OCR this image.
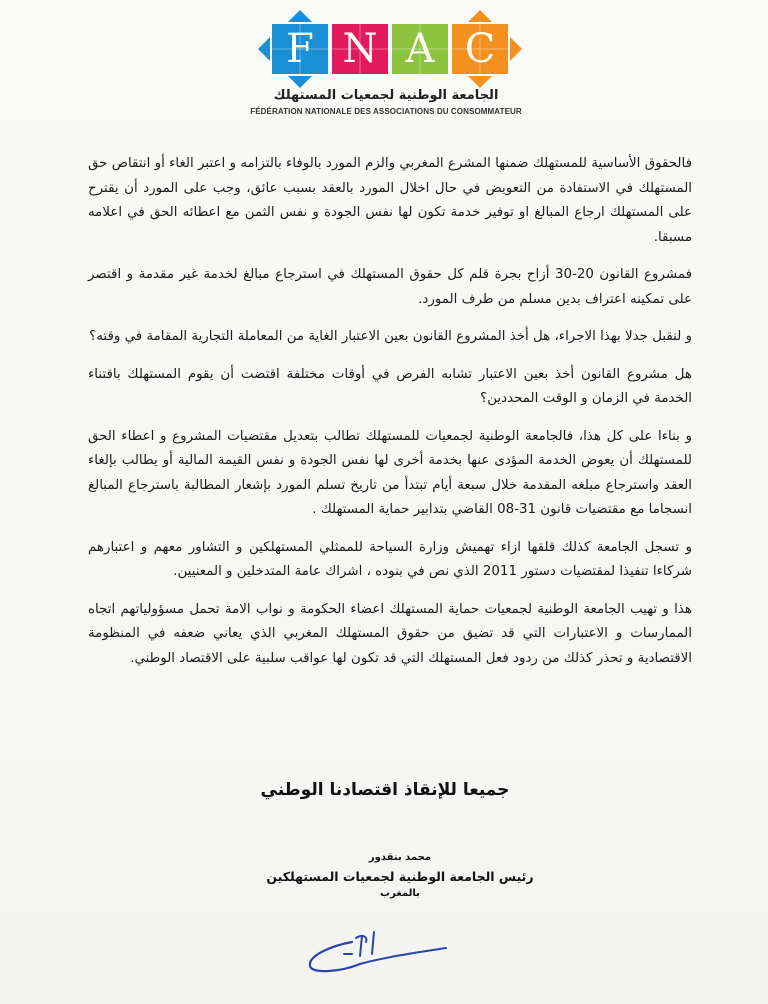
F N A C
الجامعة الوطنية لجمعيات المستهلك
FÉDÉRATION NATIONALE DES ASSOCIATIONS DU CONSOMMATEUR

فالحقوق الأساسية للمستهلك ضمنها المشرع المغربي والزم المورد بالوفاء بالتزامه و اعتبر الغاء أو انتقاص حق المستهلك في الاستفادة من التعويض في حال اخلال المورد بالعقد بسبب عائق، وجب على المورد أن يقترح على المستهلك ارجاع المبالغ او توفير خدمة تكون لها نفس الجودة و نفس الثمن مع اعطائه الحق في اعلامه مسبقا.

فمشروع القانون 20-30 أزاح بجرة قلم كل حقوق المستهلك في استرجاع مبالغ لخدمة غير مقدمة و اقتصر على تمكينه اعتراف بدين مسلم من طرف المورد.

و لنقبل جدلا بهذا الاجراء، هل أخذ المشروع القانون بعين الاعتبار الغاية من المعاملة التجارية المقامة في وقته؟

هل مشروع القانون أخذ بعين الاعتبار تشابه الفرص في أوقات مختلفة اقتضت أن يقوم المستهلك باقتناء الخدمة في الزمان و الوقت المحددين؟

و بناءا على كل هذا، فالجامعة الوطنية لجمعيات للمستهلك تطالب بتعديل مقتضيات المشروع و اعطاء الحق للمستهلك أن يعوض الخدمة المؤدى عنها بخدمة أخرى لها نفس الجودة و نفس القيمة المالية أو يطالب بإلغاء العقد واسترجاع مبلغه المقدمة خلال سبعة أيام تبتدأ من تاريخ تسلم المورد بإشعار المطالبة باسترجاع المبالغ انسجاما مع مقتضيات قانون 31-08 القاضي بتدابير حماية المستهلك .

و تسجل الجامعة كذلك قلقها ازاء تهميش وزارة السياحة للممثلي المستهلكين و التشاور معهم و اعتبارهم شركاءا تنفيذا لمقتضيات دستور 2011 الذي نص في بنوده ، اشراك عامة المتدخلين و المعنيين.

هذا و تهيب الجامعة الوطنية لجمعيات حماية المستهلك اعضاء الحكومة و نواب الامة تحمل مسؤولياتهم اتجاه الممارسات و الاعتبارات التي قد تضيق من حقوق المستهلك المغربي الذي يعاني ضعفه في المنظومة الاقتصادية و تحذر كذلك من ردود فعل المستهلك التي قد تكون لها عواقب سلبية على الاقتصاد الوطني.

جميعا للإنقاذ اقتصادنا الوطني
محمد بنقدور
رئيس الجامعة الوطنية لجمعيات المستهلكين
بالمغرب
